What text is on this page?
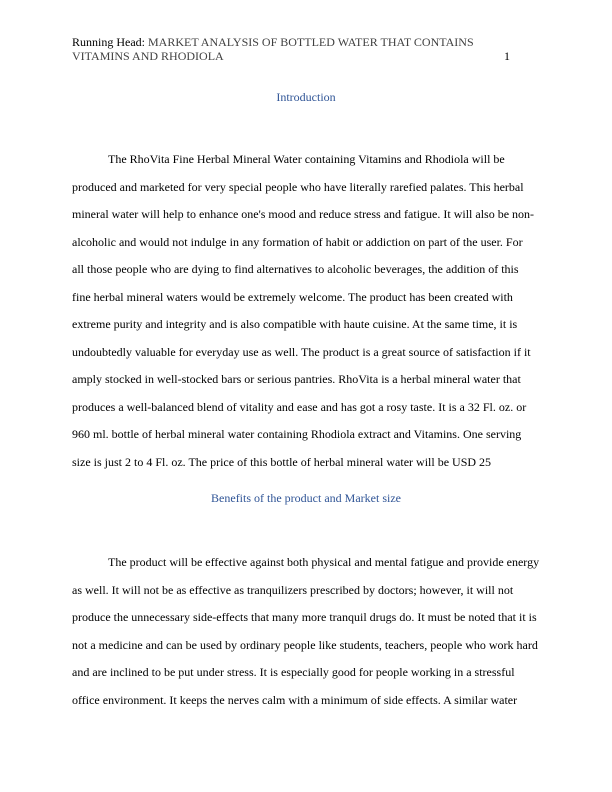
Running Head: MARKET ANALYSIS OF BOTTLED WATER THAT CONTAINS
VITAMINS AND RHODIOLA	1
Introduction
The RhoVita Fine Herbal Mineral Water containing Vitamins and Rhodiola will be
produced and marketed for very special people who have literally rarefied palates. This herbal
mineral water will help to enhance one's mood and reduce stress and fatigue. It will also be non-
alcoholic and would not indulge in any formation of habit or addiction on part of the user. For
all those people who are dying to find alternatives to alcoholic beverages, the addition of this
fine herbal mineral waters would be extremely welcome. The product has been created with
extreme purity and integrity and is also compatible with haute cuisine. At the same time, it is
undoubtedly valuable for everyday use as well. The product is a great source of satisfaction if it
amply stocked in well-stocked bars or serious pantries. RhoVita is a herbal mineral water that
produces a well-balanced blend of vitality and ease and has got a rosy taste. It is a 32 Fl. oz. or
960 ml. bottle of herbal mineral water containing Rhodiola extract and Vitamins. One serving
size is just 2 to 4 Fl. oz. The price of this bottle of herbal mineral water will be USD 25
Benefits of the product and Market size
The product will be effective against both physical and mental fatigue and provide energy
as well. It will not be as effective as tranquilizers prescribed by doctors; however, it will not
produce the unnecessary side-effects that many more tranquil drugs do. It must be noted that it is
not a medicine and can be used by ordinary people like students, teachers, people who work hard
and are inclined to be put under stress. It is especially good for people working in a stressful
office environment. It keeps the nerves calm with a minimum of side effects. A similar water
